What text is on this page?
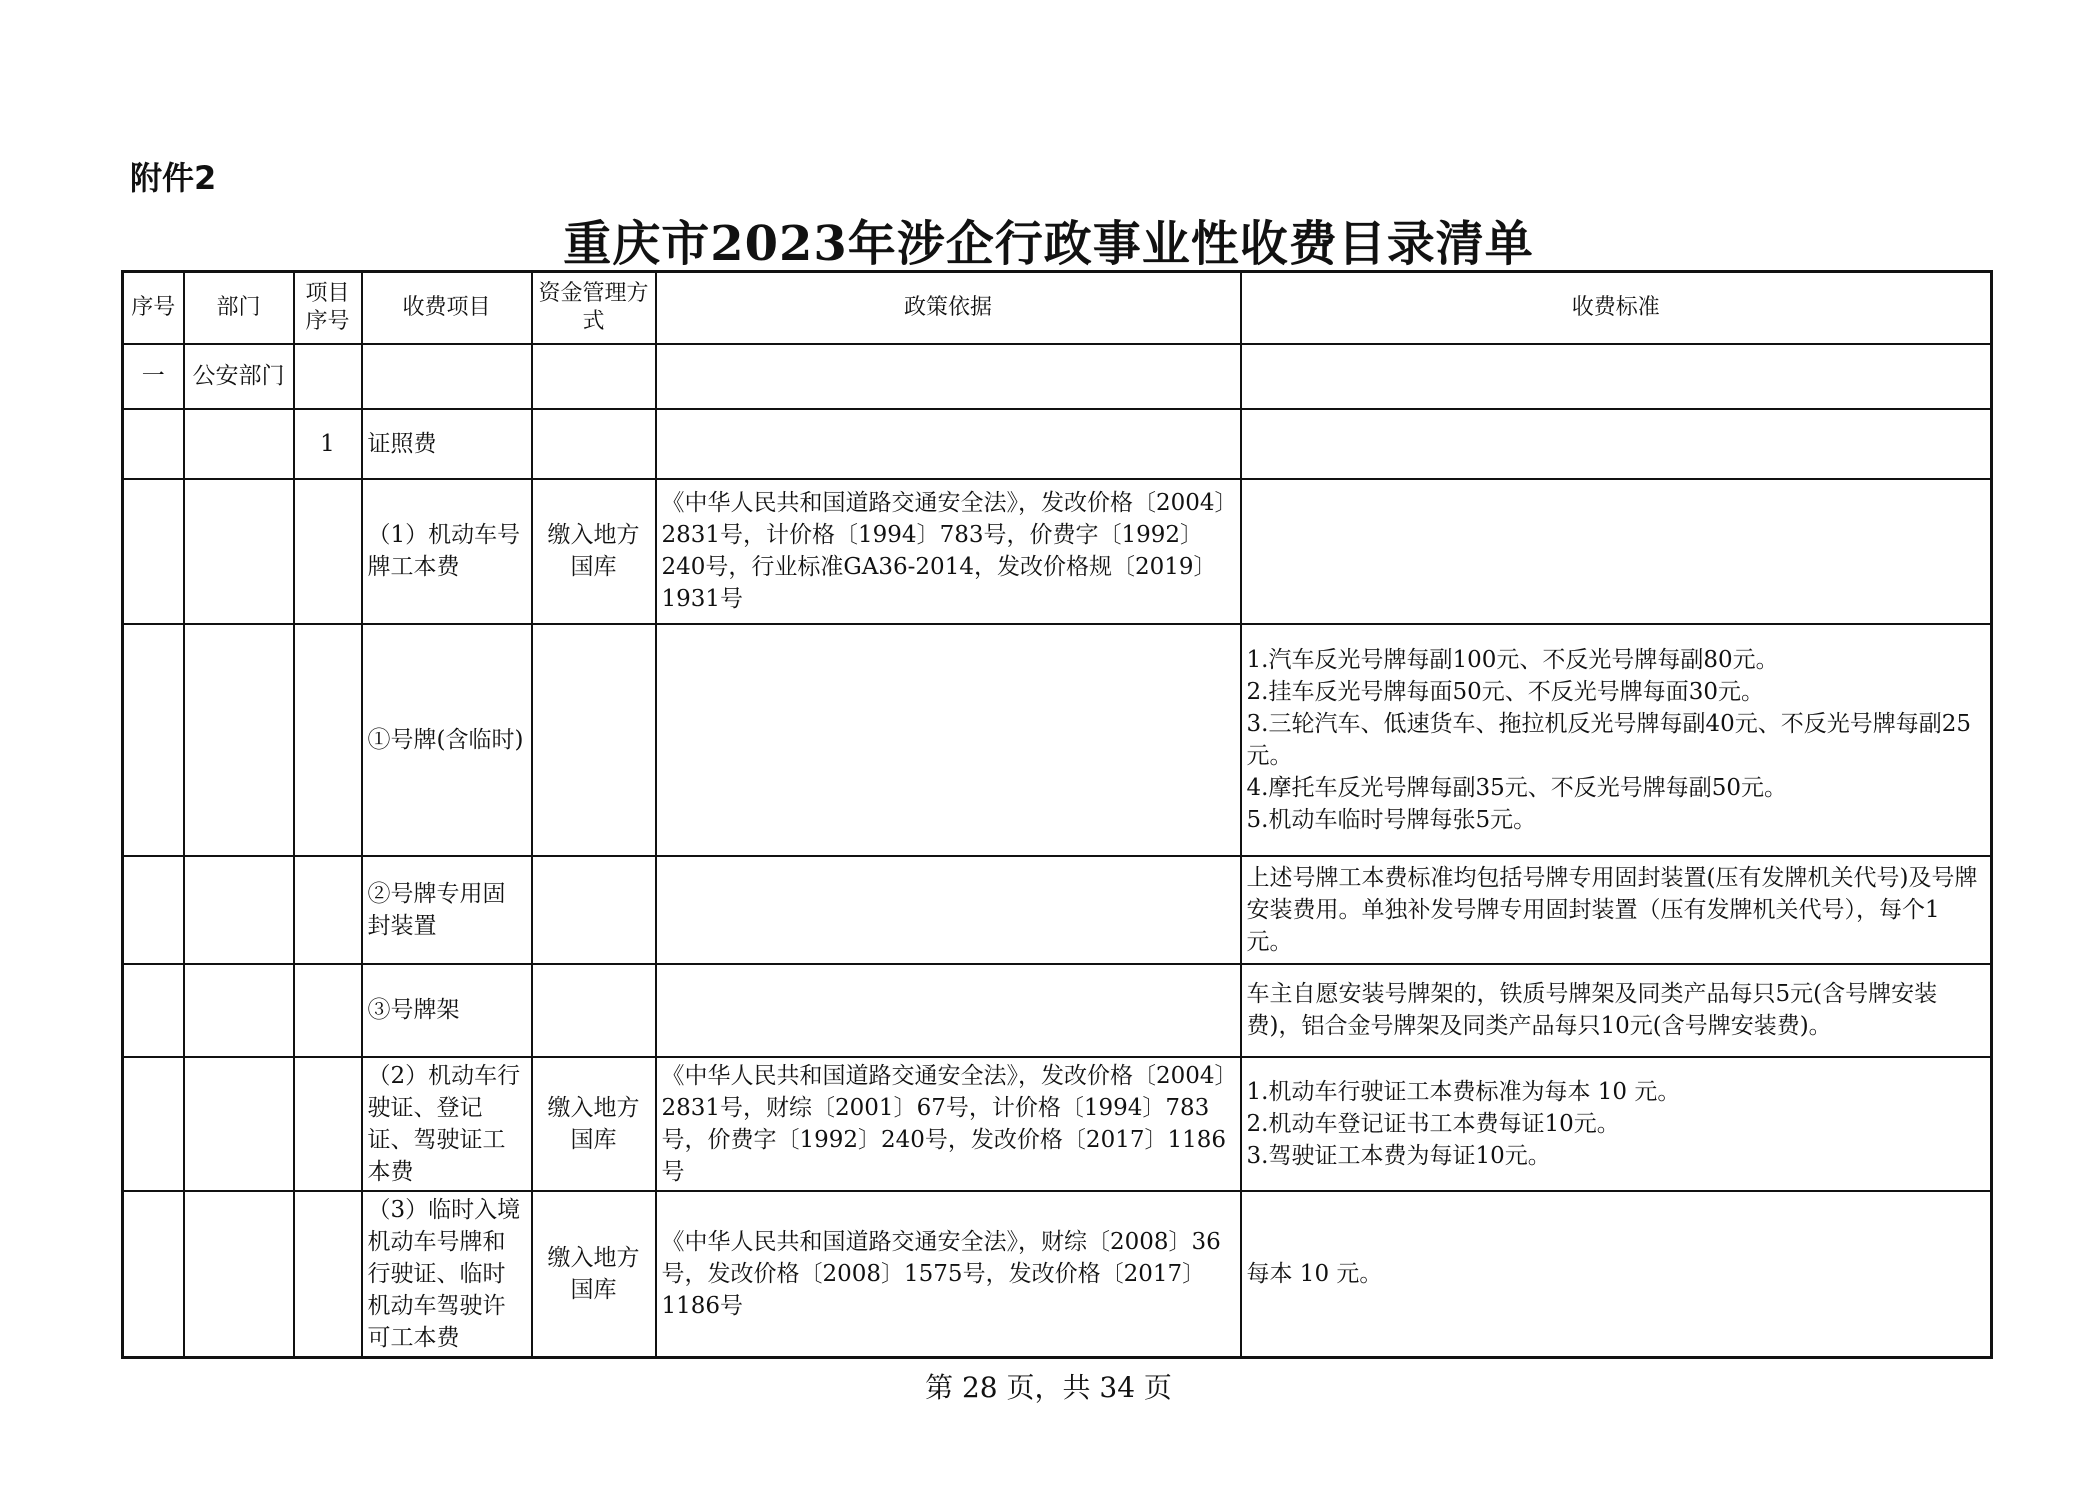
附件2
重庆市2023年涉企行政事业性收费目录清单
序号	部门	项目序号	收费项目	资金管理方式	政策依据	收费标准
一	公安部门					
		1	证照费			
			（1）机动车号牌工本费	缴入地方国库	《中华人民共和国道路交通安全法》，发改价格〔2004〕2831号，计价格〔1994〕783号，价费字〔1992〕240号，行业标准GA36-2014，发改价格规〔2019〕1931号	
			①号牌(含临时)			1.汽车反光号牌每副100元、不反光号牌每副80元。
2.挂车反光号牌每面50元、不反光号牌每面30元。
3.三轮汽车、低速货车、拖拉机反光号牌每副40元、不反光号牌每副25元。
4.摩托车反光号牌每副35元、不反光号牌每副50元。
5.机动车临时号牌每张5元。

			②号牌专用固封装置			上述号牌工本费标准均包括号牌专用固封装置(压有发牌机关代号)及号牌安装费用。单独补发号牌专用固封装置（压有发牌机关代号），每个1元。

			③号牌架			车主自愿安装号牌架的，铁质号牌架及同类产品每只5元(含号牌安装费)，铝合金号牌架及同类产品每只10元(含号牌安装费)。

			（2）机动车行驶证、登记证、驾驶证工本费	缴入地方国库	《中华人民共和国道路交通安全法》，发改价格〔2004〕2831号，财综〔2001〕67号，计价格〔1994〕783号，价费字〔1992〕240号，发改价格〔2017〕1186号	1.机动车行驶证工本费标准为每本 10 元。
2.机动车登记证书工本费每证10元。
3.驾驶证工本费为每证10元。

			（3）临时入境机动车号牌和行驶证、临时机动车驾驶许可工本费	缴入地方国库	《中华人民共和国道路交通安全法》，财综〔2008〕36号，发改价格〔2008〕1575号，发改价格〔2017〕1186号	每本 10 元。
第 28 页，共 34 页
